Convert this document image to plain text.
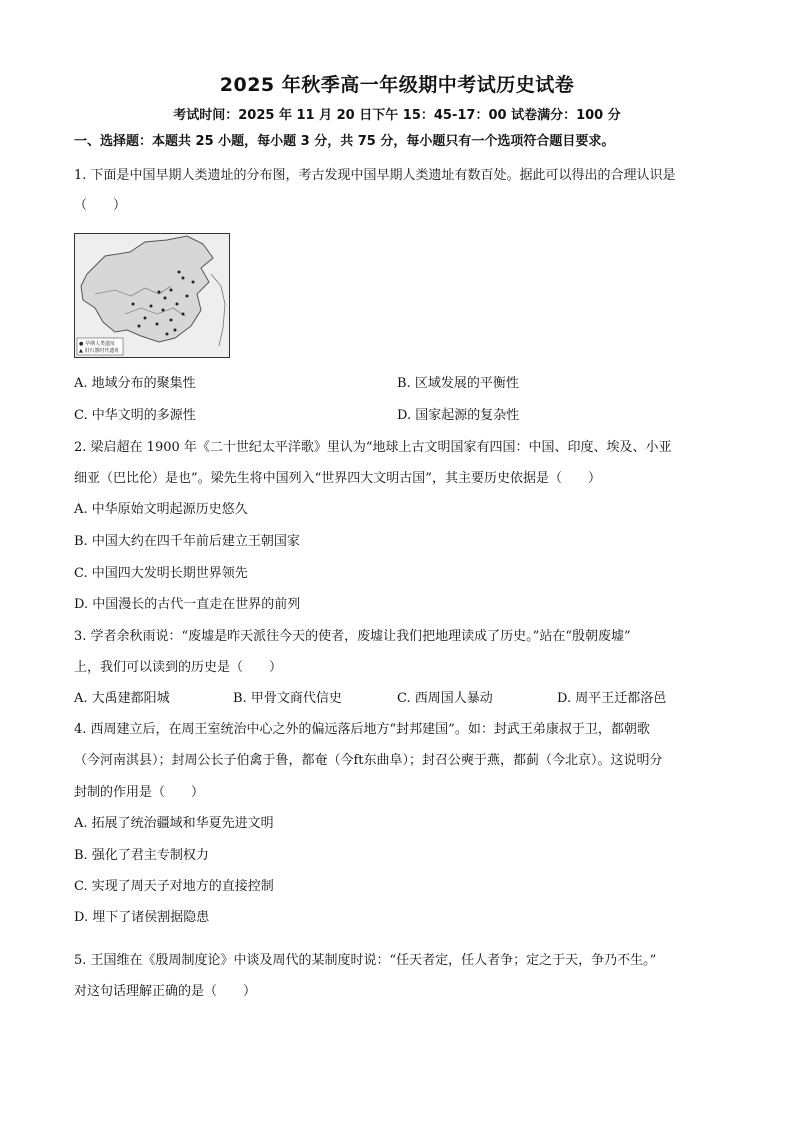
2025 年秋季高一年级期中考试历史试卷
考试时间：2025 年 11 月 20 日下午 15：45-17：00 试卷满分：100 分
一、选择题：本题共 25 小题，每小题 3 分，共 75 分，每小题只有一个选项符合题目要求。
1. 下面是中国早期人类遗址的分布图，考古发现中国早期人类遗址有数百处。据此可以得出的合理认识是
（　　）
● 早期人类遗址
▲ 旧石器时代遗址
A. 地域分布的聚集性	B. 区域发展的平衡性
C. 中华文明的多源性	D. 国家起源的复杂性
2. 梁启超在 1900 年《二十世纪太平洋歌》里认为“地球上古文明国家有四国：中国、印度、埃及、小亚
细亚（巴比伦）是也”。梁先生将中国列入“世界四大文明古国”，其主要历史依据是（　　）
A. 中华原始文明起源历史悠久
B. 中国大约在四千年前后建立王朝国家
C. 中国四大发明长期世界领先
D. 中国漫长的古代一直走在世界的前列
3. 学者余秋雨说：“废墟是昨天派往今天的使者，废墟让我们把地理读成了历史。”站在“殷朝废墟”
上，我们可以读到的历史是（　　）
A. 大禹建都阳城	B. 甲骨文商代信史	C. 西周国人暴动	D. 周平王迁都洛邑
4. 西周建立后，在周王室统治中心之外的偏远落后地方“封邦建国”。如：封武王弟康叔于卫，都朝歌
（今河南淇县）；封周公长子伯禽于鲁，都奄（今ft东曲阜）；封召公奭于燕，都蓟（今北京）。这说明分
封制的作用是（　　）
A. 拓展了统治疆域和华夏先进文明
B. 强化了君主专制权力
C. 实现了周天子对地方的直接控制
D. 埋下了诸侯割据隐患
5. 王国维在《殷周制度论》中谈及周代的某制度时说：“任天者定，任人者争；定之于天，争乃不生。”
对这句话理解正确的是（　　）
